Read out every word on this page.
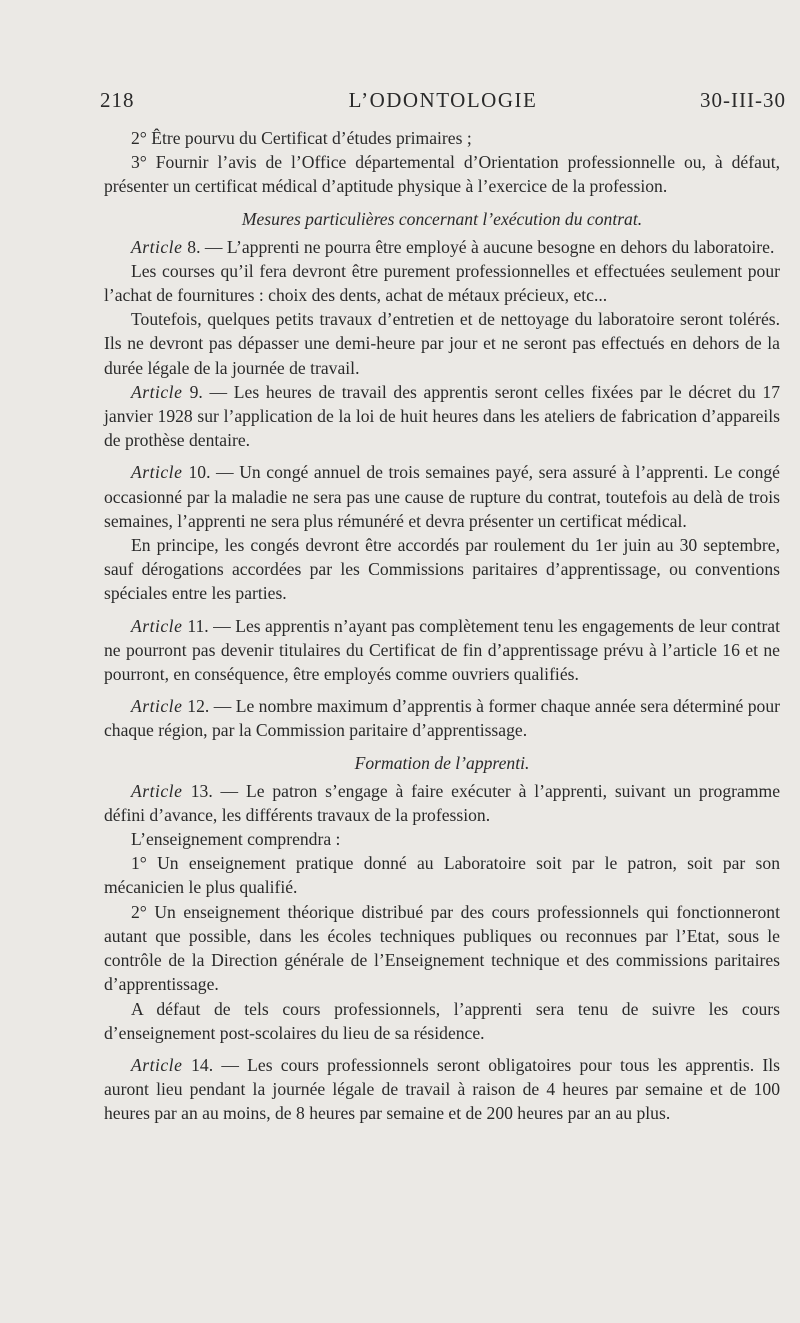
218	L’ODONTOLOGIE	30-III-30

2° Être pourvu du Certificat d’études primaires ;

3° Fournir l’avis de l’Office départemental d’Orientation professionnelle ou, à défaut, présenter un certificat médical d’aptitude physique à l’exercice de la profession.

Mesures particulières concernant l’exécution du contrat.

Article 8. — L’apprenti ne pourra être employé à aucune besogne en dehors du laboratoire.

Les courses qu’il fera devront être purement professionnelles et effectuées seulement pour l’achat de fournitures : choix des dents, achat de métaux précieux, etc...

Toutefois, quelques petits travaux d’entretien et de nettoyage du laboratoire seront tolérés. Ils ne devront pas dépasser une demi-heure par jour et ne seront pas effectués en dehors de la durée légale de la journée de travail.

Article 9. — Les heures de travail des apprentis seront celles fixées par le décret du 17 janvier 1928 sur l’application de la loi de huit heures dans les ateliers de fabrication d’appareils de prothèse dentaire.

Article 10. — Un congé annuel de trois semaines payé, sera assuré à l’apprenti. Le congé occasionné par la maladie ne sera pas une cause de rupture du contrat, toutefois au delà de trois semaines, l’apprenti ne sera plus rémunéré et devra présenter un certificat médical.

En principe, les congés devront être accordés par roulement du 1er juin au 30 septembre, sauf dérogations accordées par les Commissions paritaires d’apprentissage, ou conventions spéciales entre les parties.

Article 11. — Les apprentis n’ayant pas complètement tenu les engagements de leur contrat ne pourront pas devenir titulaires du Certificat de fin d’apprentissage prévu à l’article 16 et ne pourront, en conséquence, être employés comme ouvriers qualifiés.

Article 12. — Le nombre maximum d’apprentis à former chaque année sera déterminé pour chaque région, par la Commission paritaire d’apprentissage.

Formation de l’apprenti.

Article 13. — Le patron s’engage à faire exécuter à l’apprenti, suivant un programme défini d’avance, les différents travaux de la profession.

L’enseignement comprendra :

1° Un enseignement pratique donné au Laboratoire soit par le patron, soit par son mécanicien le plus qualifié.

2° Un enseignement théorique distribué par des cours professionnels qui fonctionneront autant que possible, dans les écoles techniques publiques ou reconnues par l’Etat, sous le contrôle de la Direction générale de l’Enseignement technique et des commissions paritaires d’apprentissage.

A défaut de tels cours professionnels, l’apprenti sera tenu de suivre les cours d’enseignement post-scolaires du lieu de sa résidence.

Article 14. — Les cours professionnels seront obligatoires pour tous les apprentis. Ils auront lieu pendant la journée légale de travail à raison de 4 heures par semaine et de 100 heures par an au moins, de 8 heures par semaine et de 200 heures par an au plus.
